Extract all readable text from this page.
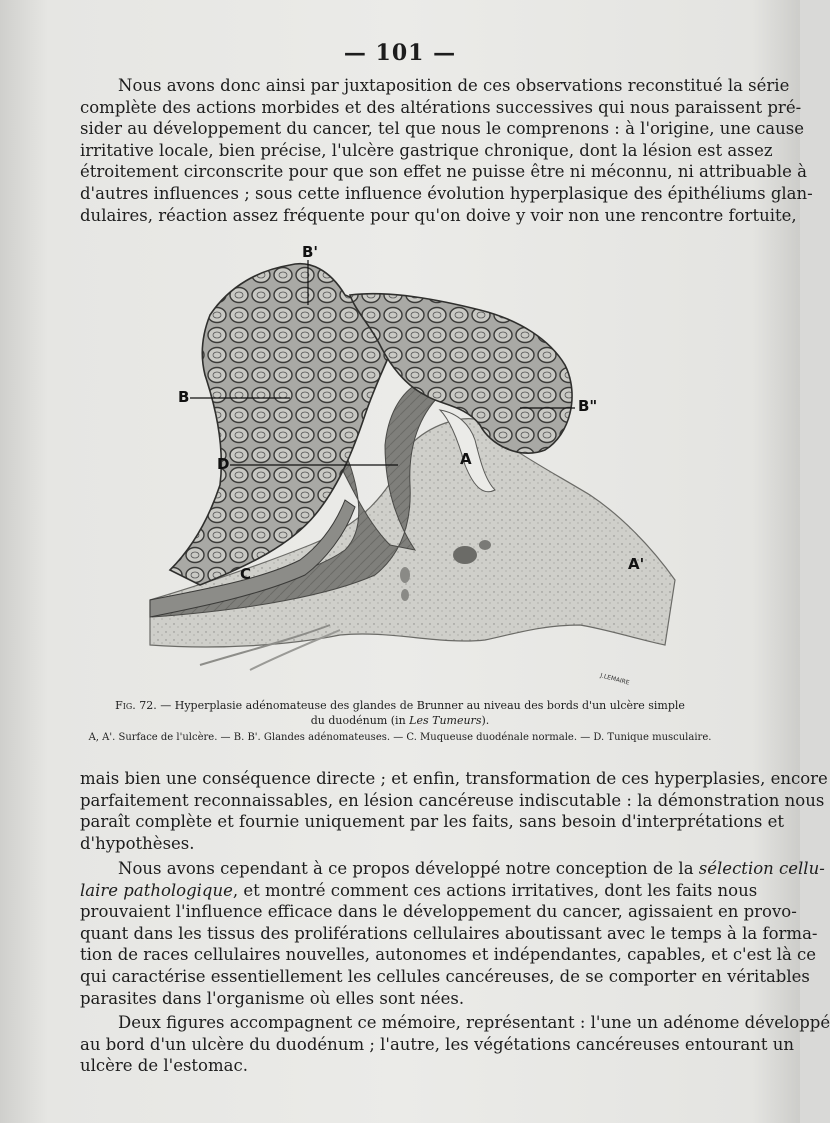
— 101 —
Nous avons donc ainsi par juxtaposition de ces observations reconstitué la série
complète des actions morbides et des altérations successives qui nous paraissent pré-
sider au développement du cancer, tel que nous le comprenons : à l'origine, une cause
irritative locale, bien précise, l'ulcère gastrique chronique, dont la lésion est assez
étroitement circonscrite pour que son effet ne puisse être ni méconnu, ni attribuable à
d'autres influences ; sous cette influence évolution hyperplasique des épithéliums glan-
dulaires, réaction assez fréquente pour qu'on doive y voir non une rencontre fortuite,
J.LEMAIRE
B'
B	B"
D	A
A'
C
Fig. 72. — Hyperplasie adénomateuse des glandes de Brunner au niveau des bords d'un ulcère simple
du duodénum (in Les Tumeurs).
A, A'. Surface de l'ulcère. — B. B'. Glandes adénomateuses. — C. Muqueuse duodénale normale. — D. Tunique musculaire.
mais bien une conséquence directe ; et enfin, transformation de ces hyperplasies, encore
parfaitement reconnaissables, en lésion cancéreuse indiscutable : la démonstration nous
paraît complète et fournie uniquement par les faits, sans besoin d'interprétations et
d'hypothèses.
Nous avons cependant à ce propos développé notre conception de la sélection cellu-
laire pathologique, et montré comment ces actions irritatives, dont les faits nous
prouvaient l'influence efficace dans le développement du cancer, agissaient en provo-
quant dans les tissus des proliférations cellulaires aboutissant avec le temps à la forma-
tion de races cellulaires nouvelles, autonomes et indépendantes, capables, et c'est là ce
qui caractérise essentiellement les cellules cancéreuses, de se comporter en véritables
parasites dans l'organisme où elles sont nées.
Deux figures accompagnent ce mémoire, représentant : l'une un adénome développé
au bord d'un ulcère du duodénum ; l'autre, les végétations cancéreuses entourant un
ulcère de l'estomac.
